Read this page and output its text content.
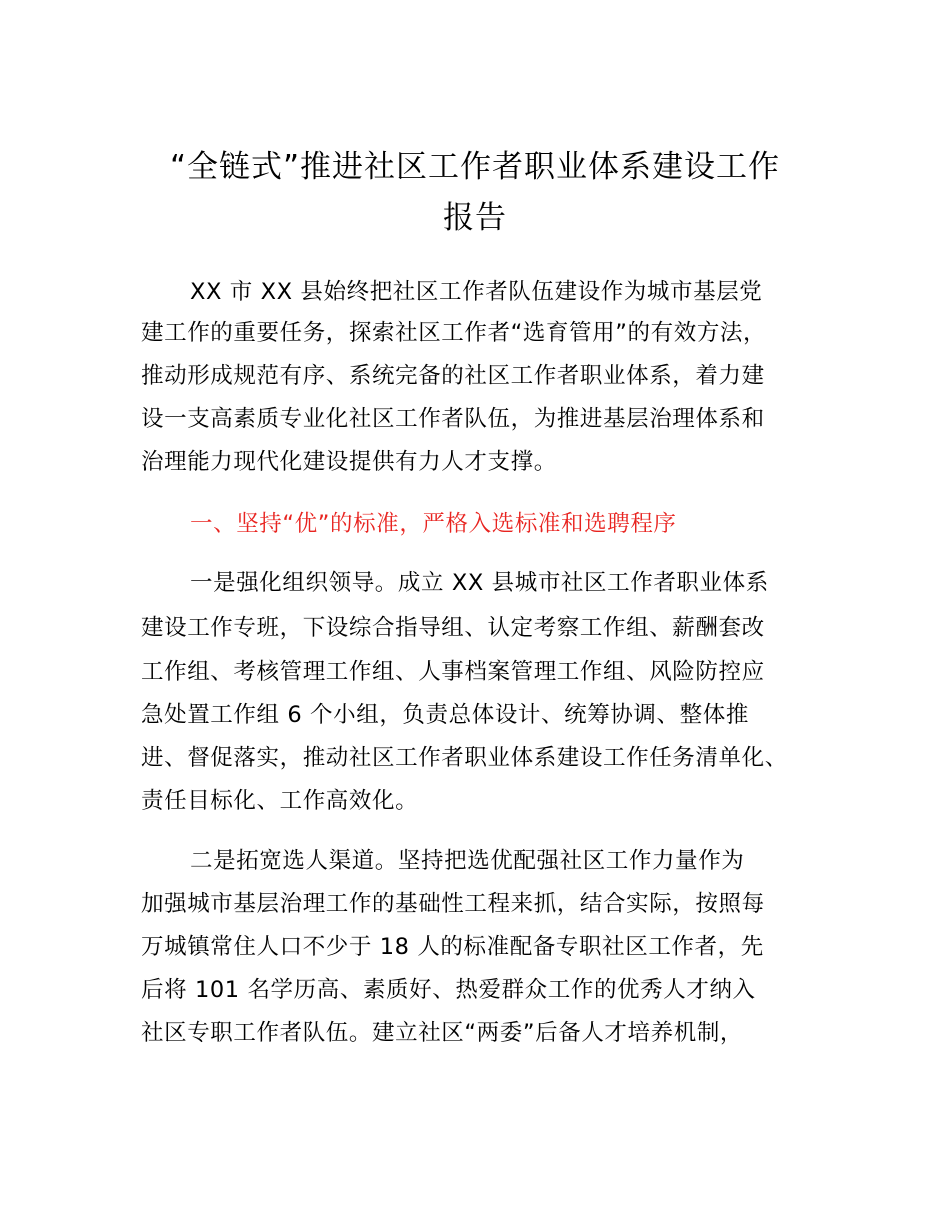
“全链式”推进社区工作者职业体系建设工作
报告
XX 市 XX 县始终把社区工作者队伍建设作为城市基层党
建工作的重要任务，探索社区工作者“选育管用”的有效方法，
推动形成规范有序、系统完备的社区工作者职业体系，着力建
设一支高素质专业化社区工作者队伍，为推进基层治理体系和
治理能力现代化建设提供有力人才支撑。
一、坚持“优”的标准，严格入选标准和选聘程序
一是强化组织领导。成立 XX 县城市社区工作者职业体系
建设工作专班，下设综合指导组、认定考察工作组、薪酬套改
工作组、考核管理工作组、人事档案管理工作组、风险防控应
急处置工作组 6 个小组，负责总体设计、统筹协调、整体推
进、督促落实，推动社区工作者职业体系建设工作任务清单化、
责任目标化、工作高效化。
二是拓宽选人渠道。坚持把选优配强社区工作力量作为
加强城市基层治理工作的基础性工程来抓，结合实际，按照每
万城镇常住人口不少于 18 人的标准配备专职社区工作者，先
后将 101 名学历高、素质好、热爱群众工作的优秀人才纳入
社区专职工作者队伍。建立社区“两委”后备人才培养机制，
